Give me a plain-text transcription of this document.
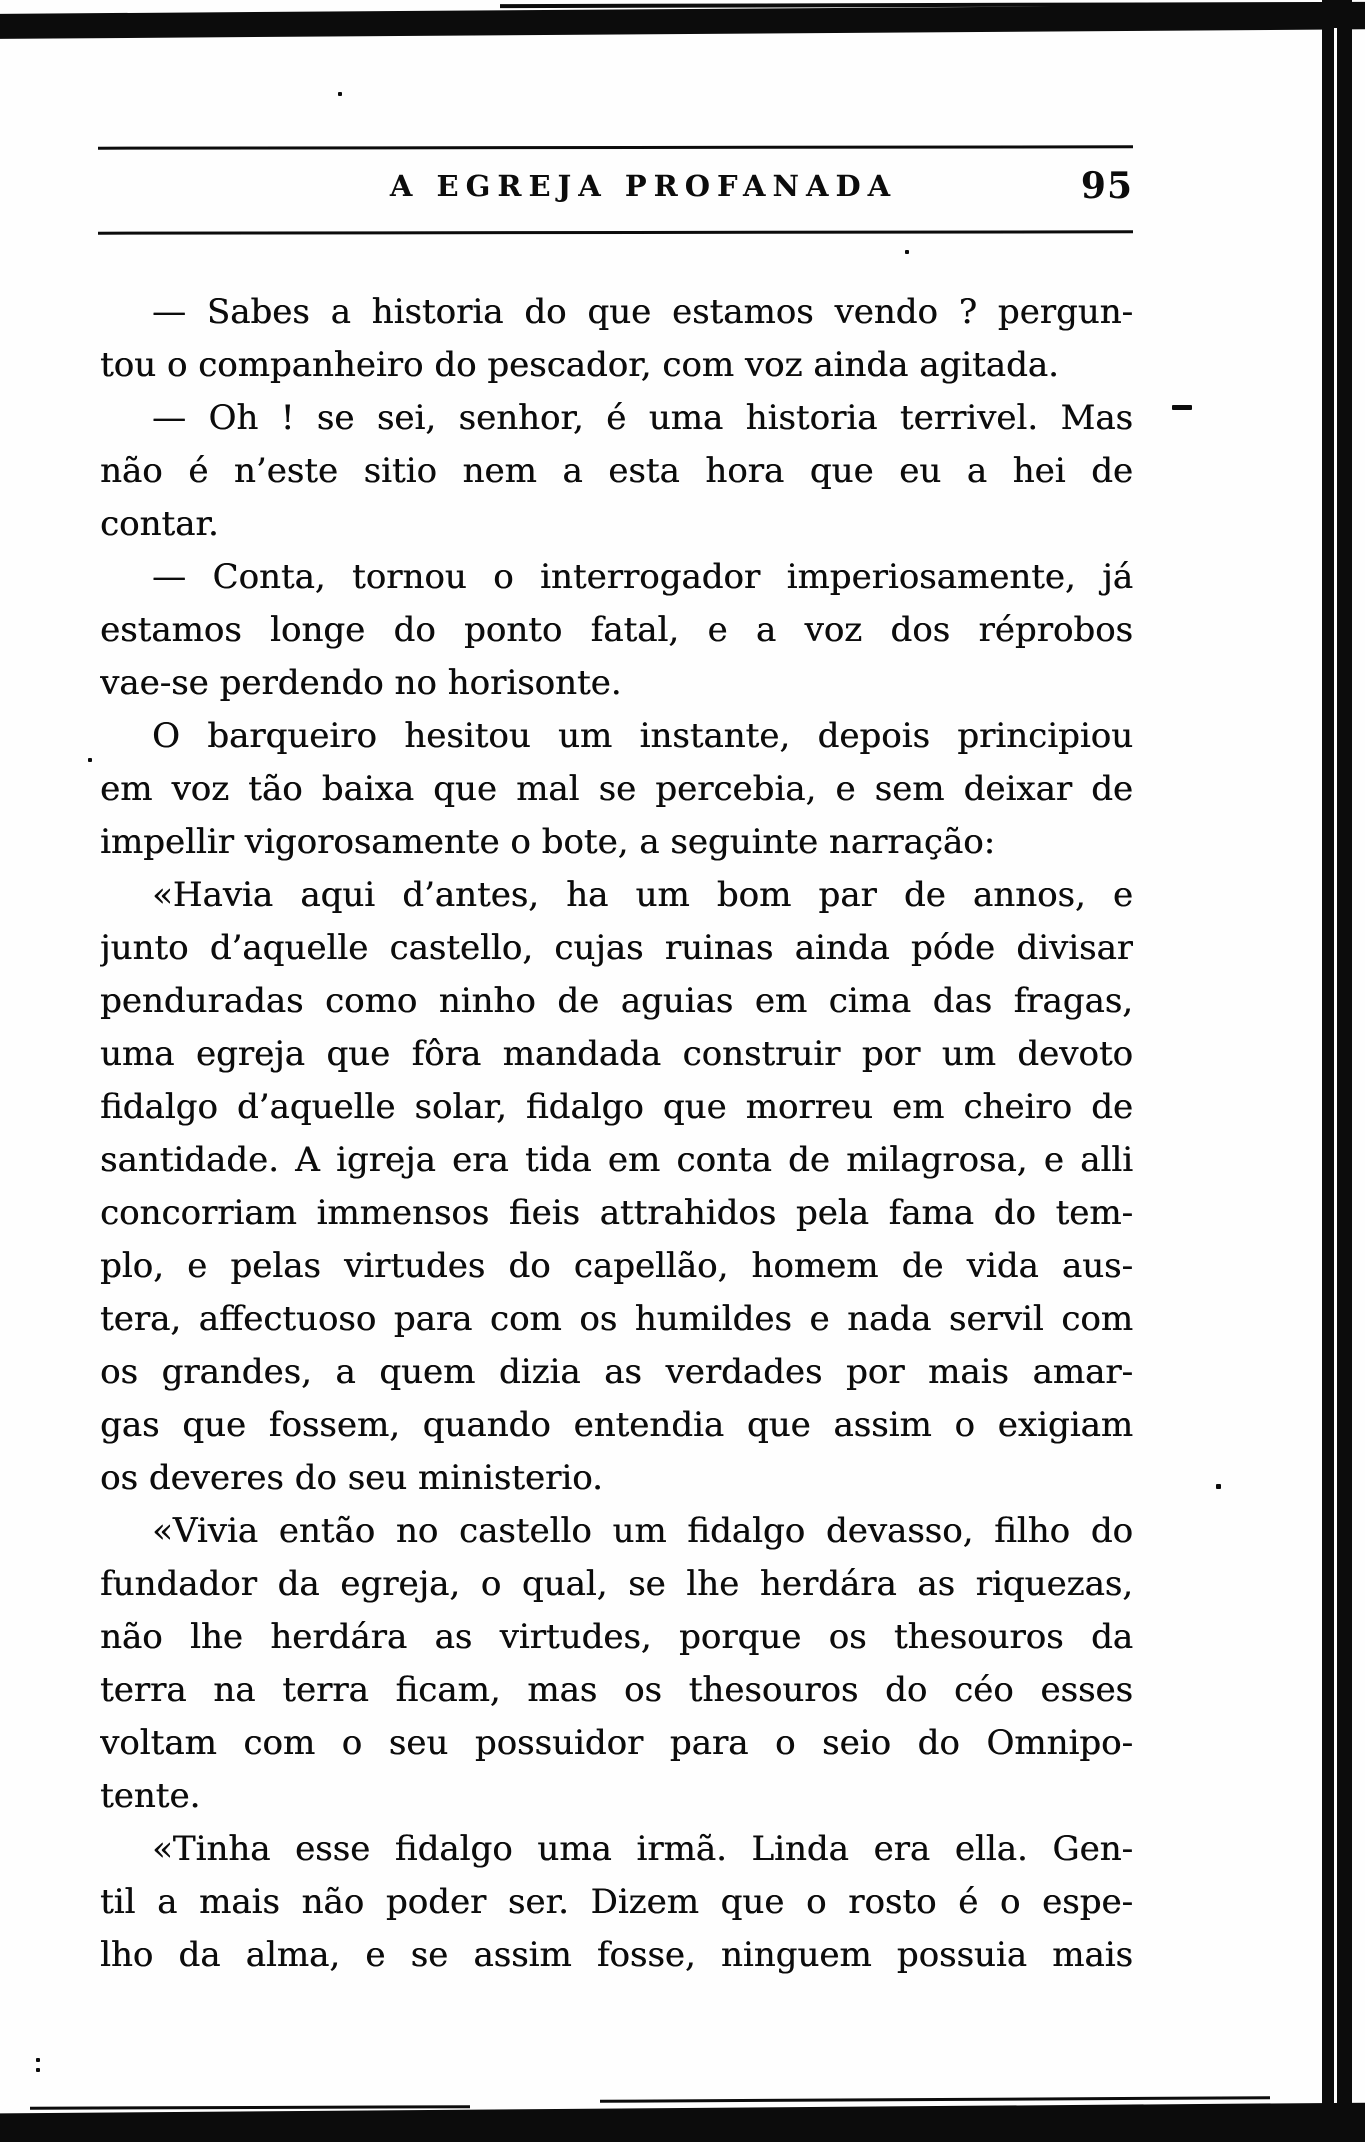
A EGREJA PROFANADA	95
— Sabes a historia do que estamos vendo ? pergun-
tou o companheiro do pescador, com voz ainda agitada.
— Oh ! se sei, senhor, é uma historia terrivel. Mas
não é n’este sitio nem a esta hora que eu a hei de
contar.
— Conta, tornou o interrogador imperiosamente, já
estamos longe do ponto fatal, e a voz dos réprobos
vae-se perdendo no horisonte.
O barqueiro hesitou um instante, depois principiou
em voz tão baixa que mal se percebia, e sem deixar de
impellir vigorosamente o bote, a seguinte narração:
«Havia aqui d’antes, ha um bom par de annos, e
junto d’aquelle castello, cujas ruinas ainda póde divisar
penduradas como ninho de aguias em cima das fragas,
uma egreja que fôra mandada construir por um devoto
fidalgo d’aquelle solar, fidalgo que morreu em cheiro de
santidade. A igreja era tida em conta de milagrosa, e alli
concorriam immensos fieis attrahidos pela fama do tem-
plo, e pelas virtudes do capellão, homem de vida aus-
tera, affectuoso para com os humildes e nada servil com
os grandes, a quem dizia as verdades por mais amar-
gas que fossem, quando entendia que assim o exigiam
os deveres do seu ministerio.
«Vivia então no castello um fidalgo devasso, filho do
fundador da egreja, o qual, se lhe herdára as riquezas,
não lhe herdára as virtudes, porque os thesouros da
terra na terra ficam, mas os thesouros do céo esses
voltam com o seu possuidor para o seio do Omnipo-
tente.
«Tinha esse fidalgo uma irmã. Linda era ella. Gen-
til a mais não poder ser. Dizem que o rosto é o espe-
lho da alma, e se assim fosse, ninguem possuia mais
